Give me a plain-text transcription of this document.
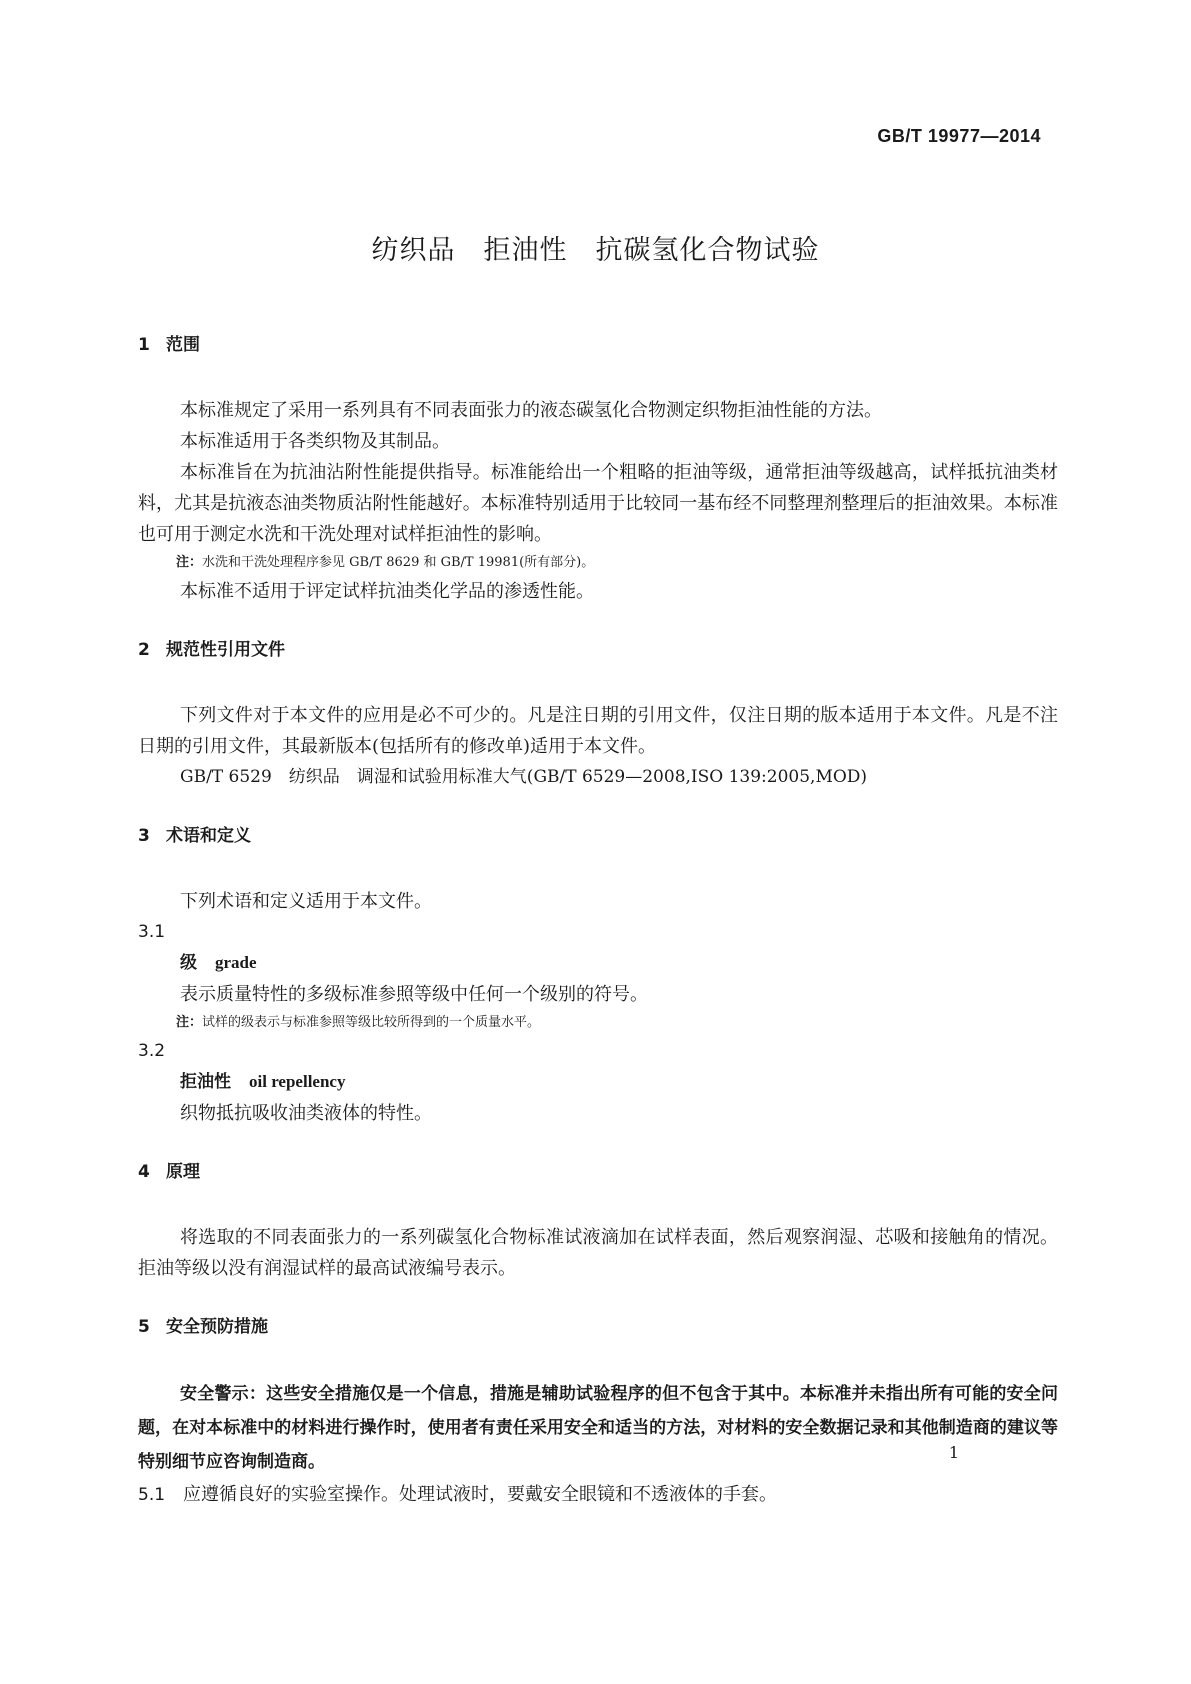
GB/T 19977—2014
纺织品　拒油性　抗碳氢化合物试验
1 范围

本标准规定了采用一系列具有不同表面张力的液态碳氢化合物测定织物拒油性能的方法。

本标准适用于各类织物及其制品。

本标准旨在为抗油沾附性能提供指导。标准能给出一个粗略的拒油等级，通常拒油等级越高，试样抵抗油类材料，尤其是抗液态油类物质沾附性能越好。本标准特别适用于比较同一基布经不同整理剂整理后的拒油效果。本标准也可用于测定水洗和干洗处理对试样拒油性的影响。

注：水洗和干洗处理程序参见 GB/T 8629 和 GB/T 19981(所有部分)。

本标准不适用于评定试样抗油类化学品的渗透性能。

2 规范性引用文件

下列文件对于本文件的应用是必不可少的。凡是注日期的引用文件，仅注日期的版本适用于本文件。凡是不注日期的引用文件，其最新版本(包括所有的修改单)适用于本文件。

GB/T 6529　纺织品　调湿和试验用标准大气(GB/T 6529—2008,ISO 139:2005,MOD)

3 术语和定义

下列术语和定义适用于本文件。

3.1
级 grade
表示质量特性的多级标准参照等级中任何一个级别的符号。

注：试样的级表示与标准参照等级比较所得到的一个质量水平。

3.2
拒油性 oil repellency
织物抵抗吸收油类液体的特性。
4 原理

将选取的不同表面张力的一系列碳氢化合物标准试液滴加在试样表面，然后观察润湿、芯吸和接触角的情况。拒油等级以没有润湿试样的最高试液编号表示。

5 安全预防措施

安全警示：这些安全措施仅是一个信息，措施是辅助试验程序的但不包含于其中。本标准并未指出所有可能的安全问题，在对本标准中的材料进行操作时，使用者有责任采用安全和适当的方法，对材料的安全数据记录和其他制造商的建议等特别细节应咨询制造商。

5.1 应遵循良好的实验室操作。处理试液时，要戴安全眼镜和不透液体的手套。

1
